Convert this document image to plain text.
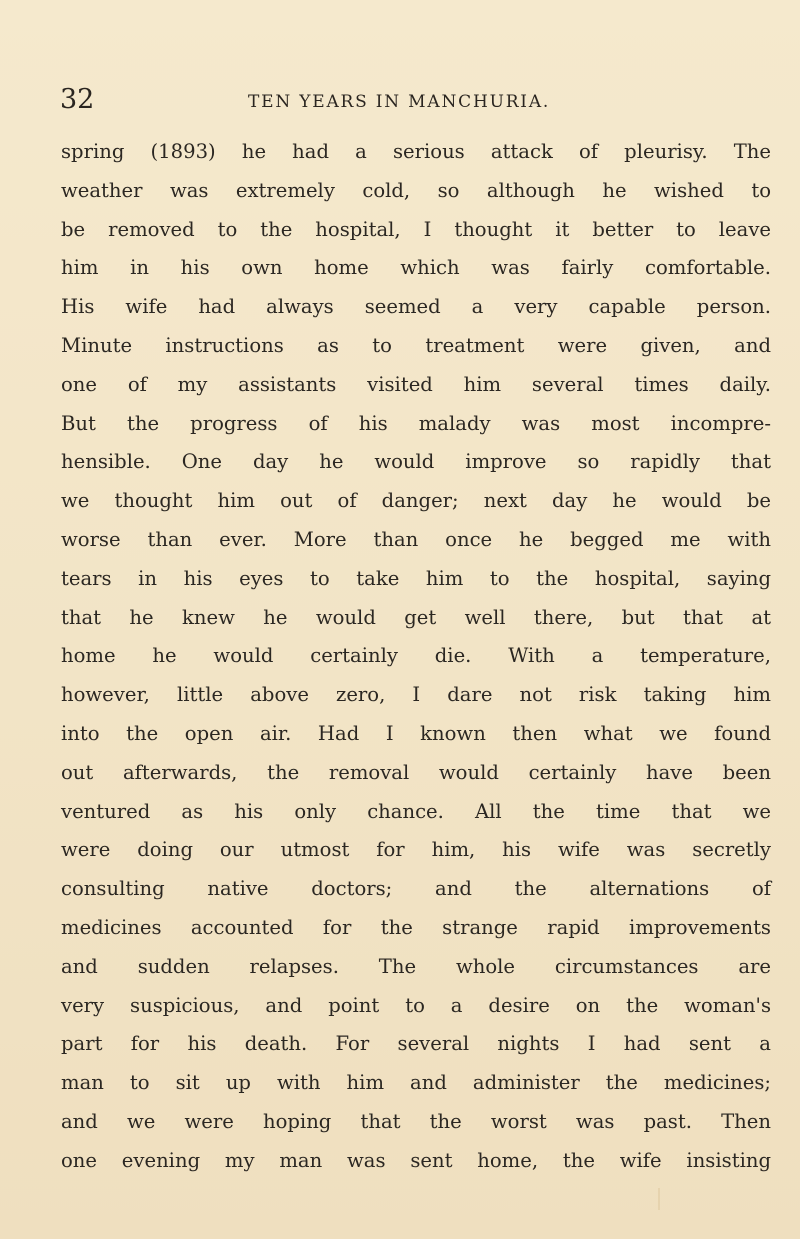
32	TEN YEARS IN MANCHURIA.
spring (1893) he had a serious attack of pleurisy. The
weather was extremely cold, so although he wished to
be removed to the hospital, I thought it better to leave
him in his own home which was fairly comfortable.
His wife had always seemed a very capable person.
Minute instructions as to treatment were given, and
one of my assistants visited him several times daily.
But the progress of his malady was most incompre-
hensible. One day he would improve so rapidly that
we thought him out of danger; next day he would be
worse than ever. More than once he begged me with
tears in his eyes to take him to the hospital, saying
that he knew he would get well there, but that at
home he would certainly die. With a temperature,
however, little above zero, I dare not risk taking him
into the open air. Had I known then what we found
out afterwards, the removal would certainly have been
ventured as his only chance. All the time that we
were doing our utmost for him, his wife was secretly
consulting native doctors; and the alternations of
medicines accounted for the strange rapid improvements
and sudden relapses. The whole circumstances are
very suspicious, and point to a desire on the woman's
part for his death. For several nights I had sent a
man to sit up with him and administer the medicines;
and we were hoping that the worst was past. Then
one evening my man was sent home, the wife insisting
